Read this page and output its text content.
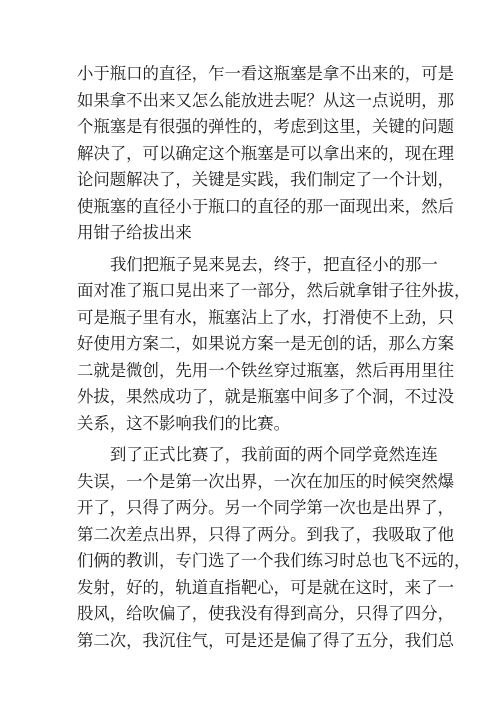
小于瓶口的直径，乍一看这瓶塞是拿不出来的，可是
如果拿不出来又怎么能放进去呢？从这一点说明，那
个瓶塞是有很强的弹性的，考虑到这里，关键的问题
解决了，可以确定这个瓶塞是可以拿出来的，现在理
论问题解决了，关键是实践，我们制定了一个计划，
使瓶塞的直径小于瓶口的直径的那一面现出来，然后
用钳子给拔出来
我们把瓶子晃来晃去，终于，把直径小的那一
面对准了瓶口晃出来了一部分，然后就拿钳子往外拔，
可是瓶子里有水，瓶塞沾上了水，打滑使不上劲，只
好使用方案二，如果说方案一是无创的话，那么方案
二就是微创，先用一个铁丝穿过瓶塞，然后再用里往
外拔，果然成功了，就是瓶塞中间多了个洞，不过没
关系，这不影响我们的比赛。
到了正式比赛了，我前面的两个同学竟然连连
失误，一个是第一次出界，一次在加压的时候突然爆
开了，只得了两分。另一个同学第一次也是出界了，
第二次差点出界，只得了两分。到我了，我吸取了他
们俩的教训，专门选了一个我们练习时总也飞不远的，
发射，好的，轨道直指靶心，可是就在这时，来了一
股风，给吹偏了，使我没有得到高分，只得了四分，
第二次，我沉住气，可是还是偏了得了五分，我们总
